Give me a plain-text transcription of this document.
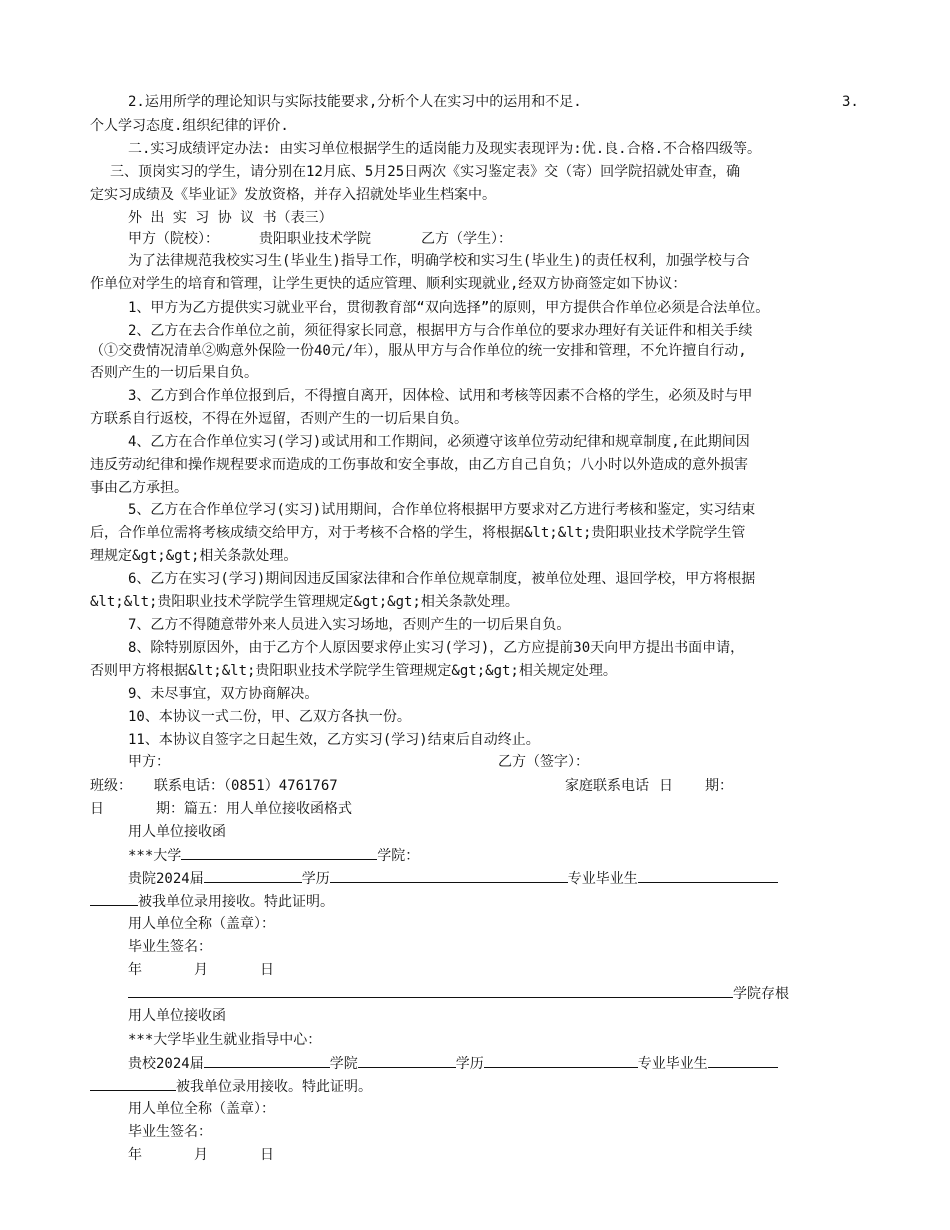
2.运用所学的理论知识与实际技能要求,分析个人在实习中的运用和不足.	3.
个人学习态度.组织纪律的评价.
二.实习成绩评定办法: 由实习单位根据学生的适岗能力及现实表现评为:优.良.合格.不合格四级等。
三、顶岗实习的学生，请分别在12月底、5月25日两次《实习鉴定表》交（寄）回学院招就处审查，确
定实习成绩及《毕业证》发放资格，并存入招就处毕业生档案中。
外 出 实 习 协 议 书（表三）
甲方（院校）：	贵阳职业技术学院	乙方（学生）：
为了法律规范我校实习生(毕业生)指导工作，明确学校和实习生(毕业生)的责任权利，加强学校与合
作单位对学生的培育和管理，让学生更快的适应管理、顺利实现就业,经双方协商签定如下协议：
1、甲方为乙方提供实习就业平台，贯彻教育部“双向选择”的原则，甲方提供合作单位必须是合法单位。
2、乙方在去合作单位之前，须征得家长同意，根据甲方与合作单位的要求办理好有关证件和相关手续
（①交费情况清单②购意外保险一份40元/年），服从甲方与合作单位的统一安排和管理，不允许擅自行动,
否则产生的一切后果自负。
3、乙方到合作单位报到后，不得擅自离开，因体检、试用和考核等因素不合格的学生，必须及时与甲
方联系自行返校，不得在外逗留，否则产生的一切后果自负。
4、乙方在合作单位实习(学习)或试用和工作期间，必须遵守该单位劳动纪律和规章制度,在此期间因
违反劳动纪律和操作规程要求而造成的工伤事故和安全事故，由乙方自己自负；八小时以外造成的意外损害
事由乙方承担。
5、乙方在合作单位学习(实习)试用期间，合作单位将根据甲方要求对乙方进行考核和鉴定，实习结束
后，合作单位需将考核成绩交给甲方，对于考核不合格的学生，将根据&lt;&lt;贵阳职业技术学院学生管
理规定&gt;&gt;相关条款处理。
6、乙方在实习(学习)期间因违反国家法律和合作单位规章制度，被单位处理、退回学校，甲方将根据
&lt;&lt;贵阳职业技术学院学生管理规定&gt;&gt;相关条款处理。
7、乙方不得随意带外来人员进入实习场地，否则产生的一切后果自负。
8、除特别原因外，由于乙方个人原因要求停止实习(学习)，乙方应提前30天向甲方提出书面申请，
否则甲方将根据&lt;&lt;贵阳职业技术学院学生管理规定&gt;&gt;相关规定处理。
9、未尽事宜，双方协商解决。
10、本协议一式二份，甲、乙双方各执一份。
11、本协议自签字之日起生效，乙方实习(学习)结束后自动终止。
甲方：	乙方（签字）：
班级： 联系电话：（0851）4761767	家庭联系电话 日 期：
日	期：篇五：用人单位接收函格式
用人单位接收函
***大学	学院：
贵院2024届	学历	专业毕业生
被我单位录用接收。特此证明。
用人单位全称（盖章）：
毕业生签名：
年	月	日
学院存根
用人单位接收函
***大学毕业生就业指导中心：
贵校2024届	学院	学历	专业毕业生
被我单位录用接收。特此证明。
用人单位全称（盖章）：
毕业生签名：
年	月	日
